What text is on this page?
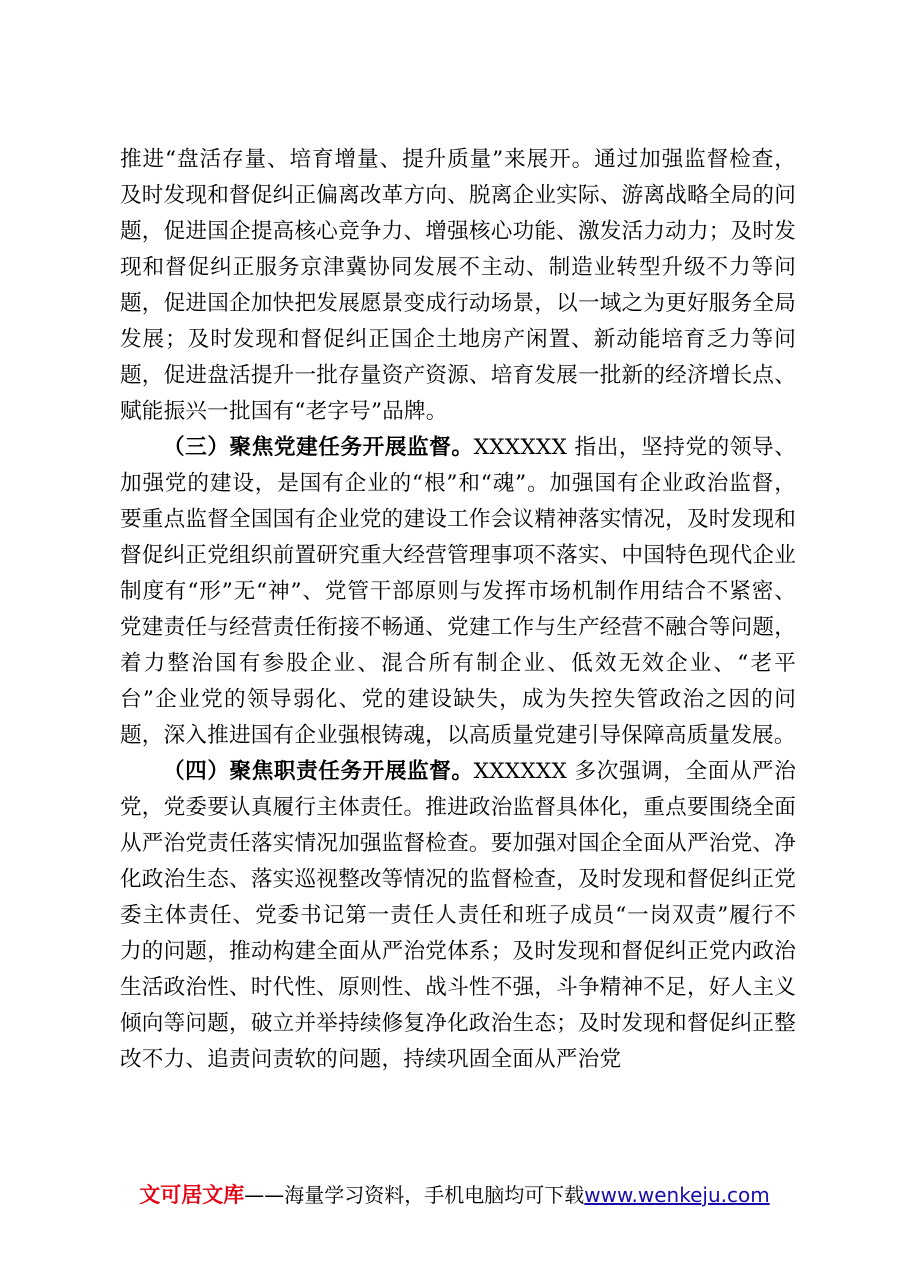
推进“盘活存量、培育增量、提升质量”来展开。通过加强监督检查，及时发现和督促纠正偏离改革方向、脱离企业实际、游离战略全局的问题，促进国企提高核心竞争力、增强核心功能、激发活力动力；及时发现和督促纠正服务京津冀协同发展不主动、制造业转型升级不力等问题，促进国企加快把发展愿景变成行动场景，以一域之为更好服务全局发展；及时发现和督促纠正国企土地房产闲置、新动能培育乏力等问题，促进盘活提升一批存量资产资源、培育发展一批新的经济增长点、赋能振兴一批国有“老字号”品牌。

（三）聚焦党建任务开展监督。XXXXXX 指出，坚持党的领导、加强党的建设，是国有企业的“根”和“魂”。加强国有企业政治监督，要重点监督全国国有企业党的建设工作会议精神落实情况，及时发现和督促纠正党组织前置研究重大经营管理事项不落实、中国特色现代企业制度有“形”无“神”、党管干部原则与发挥市场机制作用结合不紧密、党建责任与经营责任衔接不畅通、党建工作与生产经营不融合等问题，着力整治国有参股企业、混合所有制企业、低效无效企业、“老平台”企业党的领导弱化、党的建设缺失，成为失控失管政治之因的问题，深入推进国有企业强根铸魂，以高质量党建引导保障高质量发展。

（四）聚焦职责任务开展监督。XXXXXX 多次强调，全面从严治党，党委要认真履行主体责任。推进政治监督具体化，重点要围绕全面从严治党责任落实情况加强监督检查。要加强对国企全面从严治党、净化政治生态、落实巡视整改等情况的监督检查，及时发现和督促纠正党委主体责任、党委书记第一责任人责任和班子成员“一岗双责”履行不力的问题，推动构建全面从严治党体系；及时发现和督促纠正党内政治生活政治性、时代性、原则性、战斗性不强，斗争精神不足，好人主义倾向等问题，破立并举持续修复净化政治生态；及时发现和督促纠正整改不力、追责问责软的问题，持续巩固全面从严治党

文可居文库——海量学习资料，手机电脑均可下载www.wenkeju.com
